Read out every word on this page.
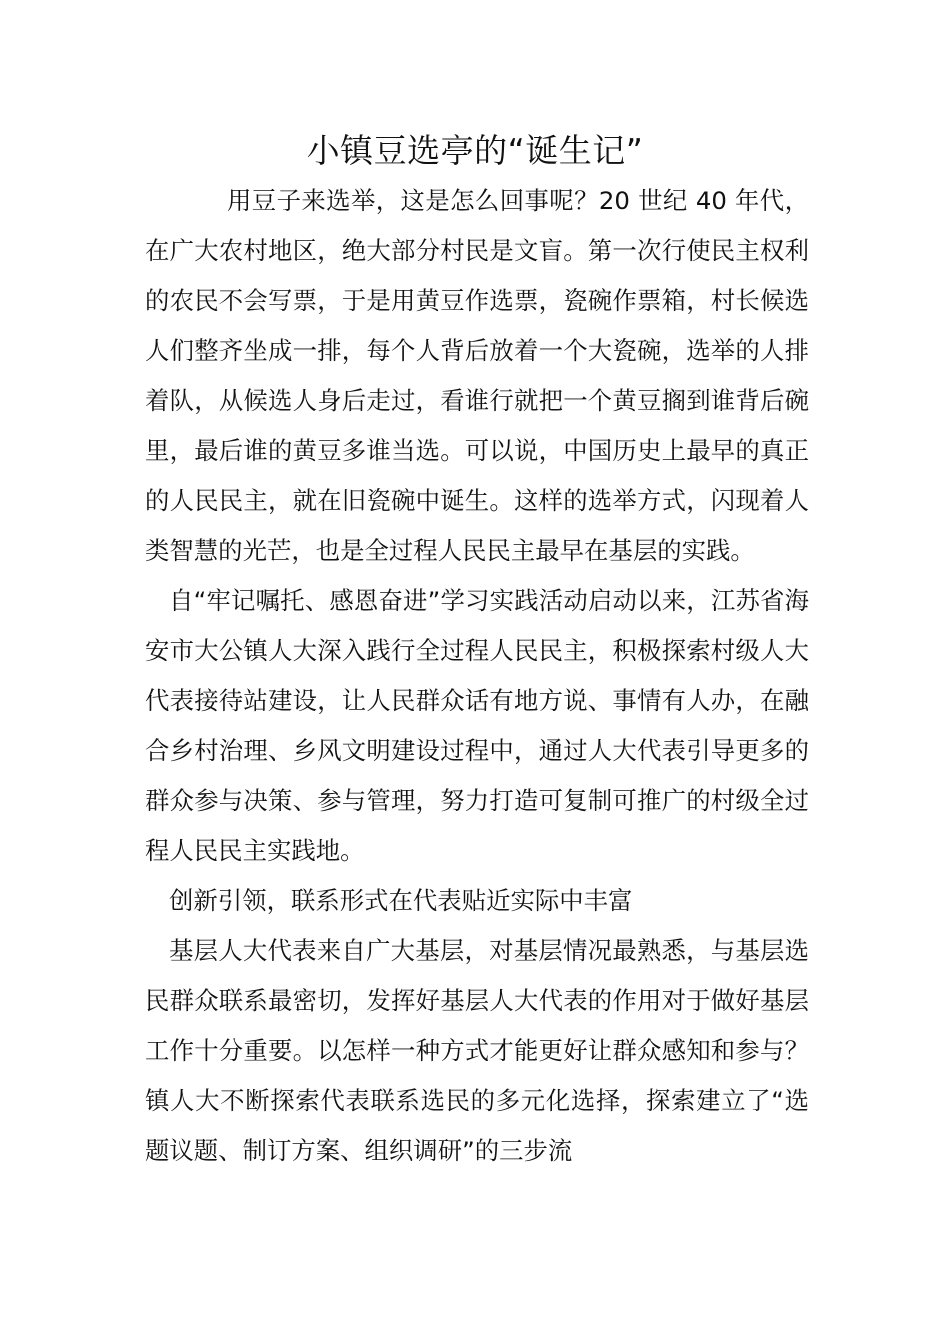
小镇豆选亭的“诞生记”

用豆子来选举，这是怎么回事呢？20 世纪 40 年代，在广大农村地区，绝大部分村民是文盲。第一次行使民主权利的农民不会写票，于是用黄豆作选票，瓷碗作票箱，村长候选人们整齐坐成一排，每个人背后放着一个大瓷碗，选举的人排着队，从候选人身后走过，看谁行就把一个黄豆搁到谁背后碗里，最后谁的黄豆多谁当选。可以说，中国历史上最早的真正的人民民主，就在旧瓷碗中诞生。这样的选举方式，闪现着人类智慧的光芒，也是全过程人民民主最早在基层的实践。

自“牢记嘱托、感恩奋进”学习实践活动启动以来，江苏省海安市大公镇人大深入践行全过程人民民主，积极探索村级人大代表接待站建设，让人民群众话有地方说、事情有人办，在融合乡村治理、乡风文明建设过程中，通过人大代表引导更多的群众参与决策、参与管理，努力打造可复制可推广的村级全过程人民民主实践地。

创新引领，联系形式在代表贴近实际中丰富

基层人大代表来自广大基层，对基层情况最熟悉，与基层选民群众联系最密切，发挥好基层人大代表的作用对于做好基层工作十分重要。以怎样一种方式才能更好让群众感知和参与？镇人大不断探索代表联系选民的多元化选择，探索建立了“选题议题、制订方案、组织调研”的三步流
